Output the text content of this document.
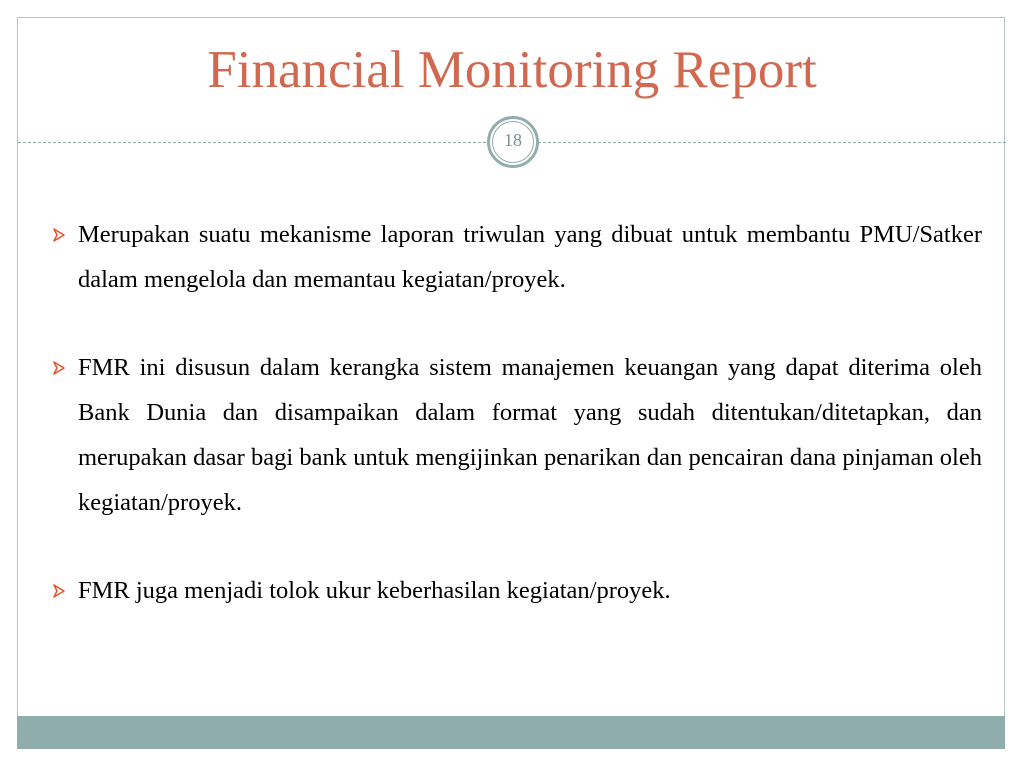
Financial Monitoring Report
18
Merupakan suatu mekanisme laporan triwulan yang dibuat untuk membantu PMU/Satker dalam mengelola dan memantau kegiatan/proyek.
FMR ini disusun dalam kerangka sistem manajemen keuangan yang dapat diterima oleh Bank Dunia dan disampaikan dalam format yang sudah ditentukan/ditetapkan, dan merupakan dasar bagi bank untuk mengijinkan penarikan dan pencairan dana pinjaman oleh kegiatan/proyek.
FMR juga menjadi tolok ukur keberhasilan kegiatan/proyek.
